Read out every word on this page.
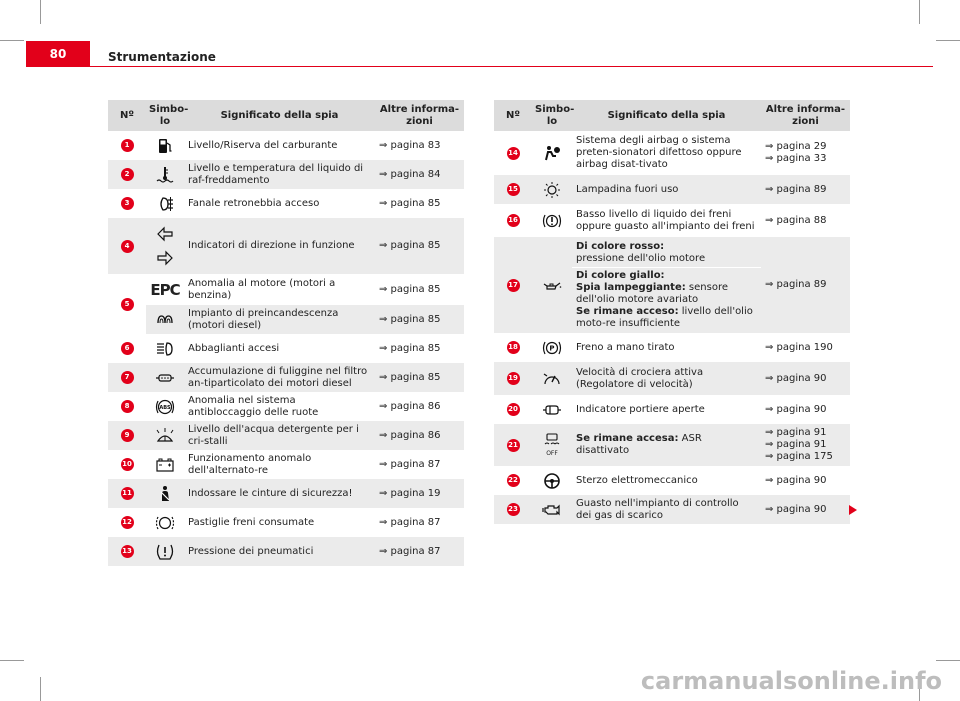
80	Strumentazione
Nº	Simbo-lo	Significato della spia	Altre informa-zioni
1		Livello/Riserva del carburante	⇒ pagina 83
2		Livello e temperatura del liquido di raf-freddamento	⇒ pagina 84
3		Fanale retronebbia acceso	⇒ pagina 85
4		Indicatori di direzione in funzione	⇒ pagina 85
5	EPC	Anomalia al motore (motori a benzina)	⇒ pagina 85
	Impianto di preincandescenza (motori diesel)	⇒ pagina 85
6		Abbaglianti accesi	⇒ pagina 85
7		Accumulazione di fuliggine nel filtro an-tiparticolato dei motori diesel	⇒ pagina 85
8	ABS	Anomalia nel sistema antibloccaggio delle ruote	⇒ pagina 86
9		Livello dell'acqua detergente per i cri-stalli	⇒ pagina 86
10		Funzionamento anomalo dell'alternato-re	⇒ pagina 87
11		Indossare le cinture di sicurezza!	⇒ pagina 19
12		Pastiglie freni consumate	⇒ pagina 87
13		Pressione dei pneumatici	⇒ pagina 87
Nº	Simbo-lo	Significato della spia	Altre informa-zioni
14		Sistema degli airbag o sistema preten-sionatori difettoso oppure airbag disat-tivato	⇒ pagina 29
⇒ pagina 33

15		Lampadina fuori uso	⇒ pagina 89

16		Basso livello di liquido dei freni oppure guasto all'impianto dei freni	⇒ pagina 88

17		Di colore rosso:
pressione dell'olio motore
Di colore giallo:
Spia lampeggiante: sensore dell'olio motore avariato
Se rimane acceso: livello dell'olio moto-re insufficiente	⇒ pagina 89

18	P	Freno a mano tirato	⇒ pagina 190

19		Velocità di crociera attiva (Regolatore di velocità)	⇒ pagina 90

20		Indicatore portiere aperte	⇒ pagina 90

21	OFF	Se rimane accesa: ASR disattivato	⇒ pagina 91
⇒ pagina 91
⇒ pagina 175

22		Sterzo elettromeccanico	⇒ pagina 90

23		Guasto nell'impianto di controllo dei gas di scarico	⇒ pagina 90
carmanualsonline.info
